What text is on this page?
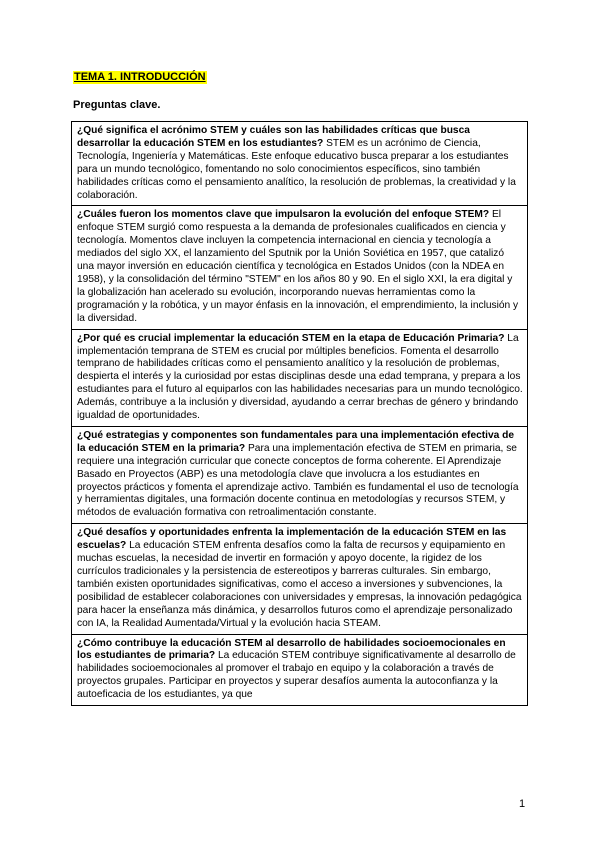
TEMA 1. INTRODUCCIÓN
Preguntas clave.
¿Qué significa el acrónimo STEM y cuáles son las habilidades críticas que busca desarrollar la educación STEM en los estudiantes? STEM es un acrónimo de Ciencia, Tecnología, Ingeniería y Matemáticas. Este enfoque educativo busca preparar a los estudiantes para un mundo tecnológico, fomentando no solo conocimientos específicos, sino también habilidades críticas como el pensamiento analítico, la resolución de problemas, la creatividad y la colaboración.
¿Cuáles fueron los momentos clave que impulsaron la evolución del enfoque STEM? El enfoque STEM surgió como respuesta a la demanda de profesionales cualificados en ciencia y tecnología. Momentos clave incluyen la competencia internacional en ciencia y tecnología a mediados del siglo XX, el lanzamiento del Sputnik por la Unión Soviética en 1957, que catalizó una mayor inversión en educación científica y tecnológica en Estados Unidos (con la NDEA en 1958), y la consolidación del término "STEM" en los años 80 y 90. En el siglo XXI, la era digital y la globalización han acelerado su evolución, incorporando nuevas herramientas como la programación y la robótica, y un mayor énfasis en la innovación, el emprendimiento, la inclusión y la diversidad.
¿Por qué es crucial implementar la educación STEM en la etapa de Educación Primaria? La implementación temprana de STEM es crucial por múltiples beneficios. Fomenta el desarrollo temprano de habilidades críticas como el pensamiento analítico y la resolución de problemas, despierta el interés y la curiosidad por estas disciplinas desde una edad temprana, y prepara a los estudiantes para el futuro al equiparlos con las habilidades necesarias para un mundo tecnológico. Además, contribuye a la inclusión y diversidad, ayudando a cerrar brechas de género y brindando igualdad de oportunidades.
¿Qué estrategias y componentes son fundamentales para una implementación efectiva de la educación STEM en la primaria? Para una implementación efectiva de STEM en primaria, se requiere una integración curricular que conecte conceptos de forma coherente. El Aprendizaje Basado en Proyectos (ABP) es una metodología clave que involucra a los estudiantes en proyectos prácticos y fomenta el aprendizaje activo. También es fundamental el uso de tecnología y herramientas digitales, una formación docente continua en metodologías y recursos STEM, y métodos de evaluación formativa con retroalimentación constante.
¿Qué desafíos y oportunidades enfrenta la implementación de la educación STEM en las escuelas? La educación STEM enfrenta desafíos como la falta de recursos y equipamiento en muchas escuelas, la necesidad de invertir en formación y apoyo docente, la rigidez de los currículos tradicionales y la persistencia de estereotipos y barreras culturales. Sin embargo, también existen oportunidades significativas, como el acceso a inversiones y subvenciones, la posibilidad de establecer colaboraciones con universidades y empresas, la innovación pedagógica para hacer la enseñanza más dinámica, y desarrollos futuros como el aprendizaje personalizado con IA, la Realidad Aumentada/Virtual y la evolución hacia STEAM.
¿Cómo contribuye la educación STEM al desarrollo de habilidades socioemocionales en los estudiantes de primaria? La educación STEM contribuye significativamente al desarrollo de habilidades socioemocionales al promover el trabajo en equipo y la colaboración a través de proyectos grupales. Participar en proyectos y superar desafíos aumenta la autoconfianza y la autoeficacia de los estudiantes, ya que
1
